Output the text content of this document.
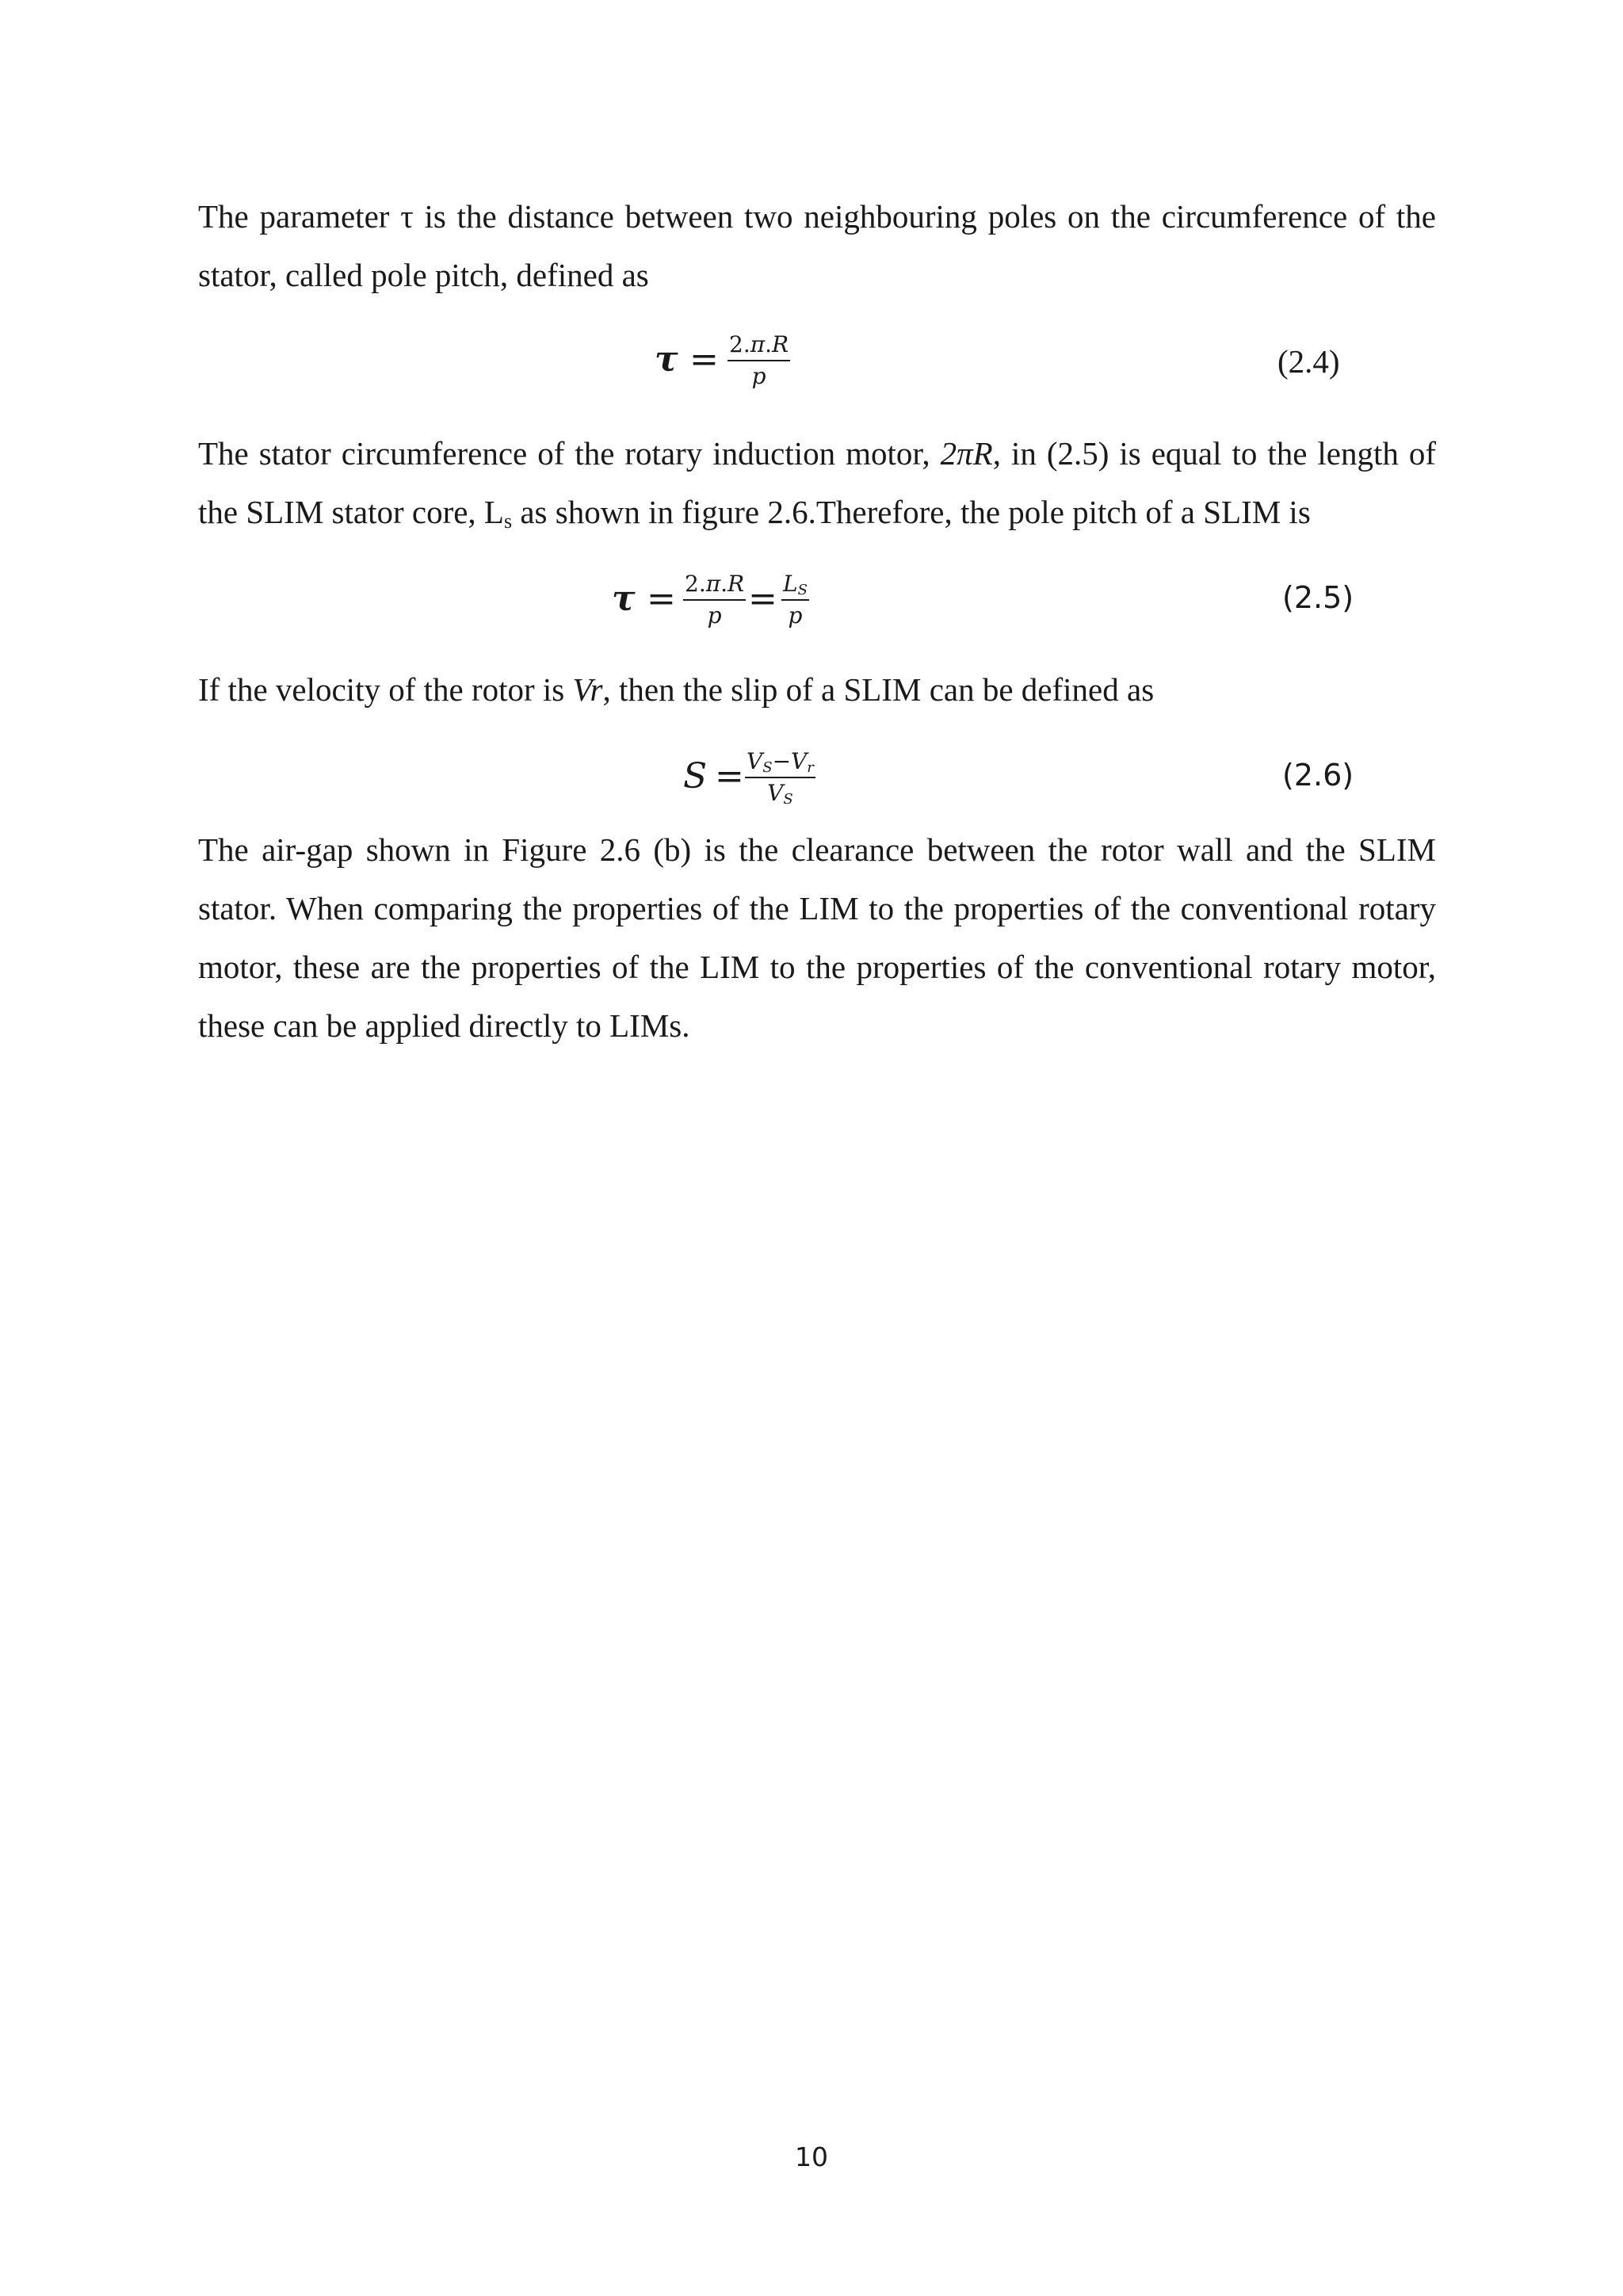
The parameter τ is the distance between two neighbouring poles on the circumference of the stator, called pole pitch, defined as

τ = 2.π.R
p	(2.4)

The stator circumference of the rotary induction motor, 2πR, in (2.5) is equal to the length of the SLIM stator core, $L_s$ as shown in figure 2.6.Therefore, the pole pitch of a SLIM is

τ = 2.π.R
$p = L_S$
p
(2.5)

If the velocity of the rotor is Vr, then the slip of a SLIM can be defined as

$S = V_S-V_r$
$V_S$
(2.6)

The air-gap shown in Figure 2.6 (b) is the clearance between the rotor wall and the SLIM stator. When comparing the properties of the LIM to the properties of the conventional rotary motor, these are the properties of the LIM to the properties of the conventional rotary motor, these can be applied directly to LIMs.

10
